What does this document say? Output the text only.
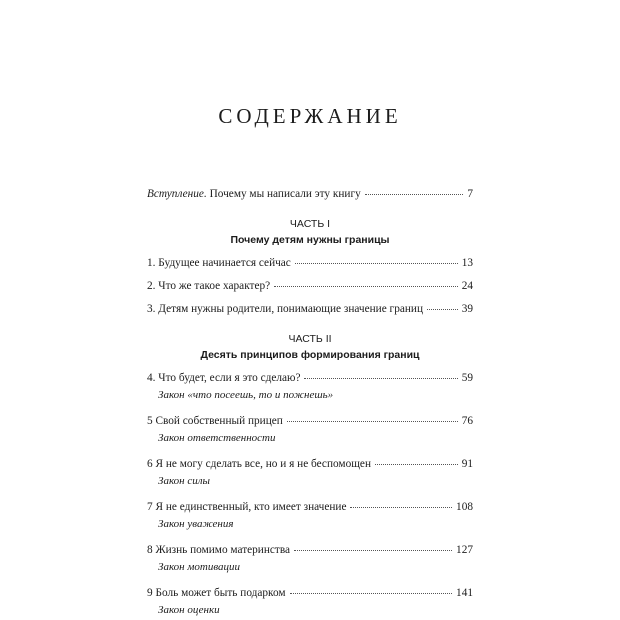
СОДЕРЖАНИЕ
Вступление. Почему мы написали эту книгу	7
ЧАСТЬ I
Почему детям нужны границы
1. Будущее начинается сейчас	13
2. Что же такое характер?	24
3. Детям нужны родители, понимающие значение границ	39
ЧАСТЬ II
Десять принципов формирования границ
4. Что будет, если я это сделаю?	59
Закон «что посеешь, то и пожнешь»
5 Свой собственный прицеп	76
Закон ответственности
6 Я не могу сделать все, но и я не беспомощен	91
Закон силы
7 Я не единственный, кто имеет значение	108
Закон уважения
8 Жизнь помимо материнства	127
Закон мотивации
9 Боль может быть подарком	141
Закон оценки
